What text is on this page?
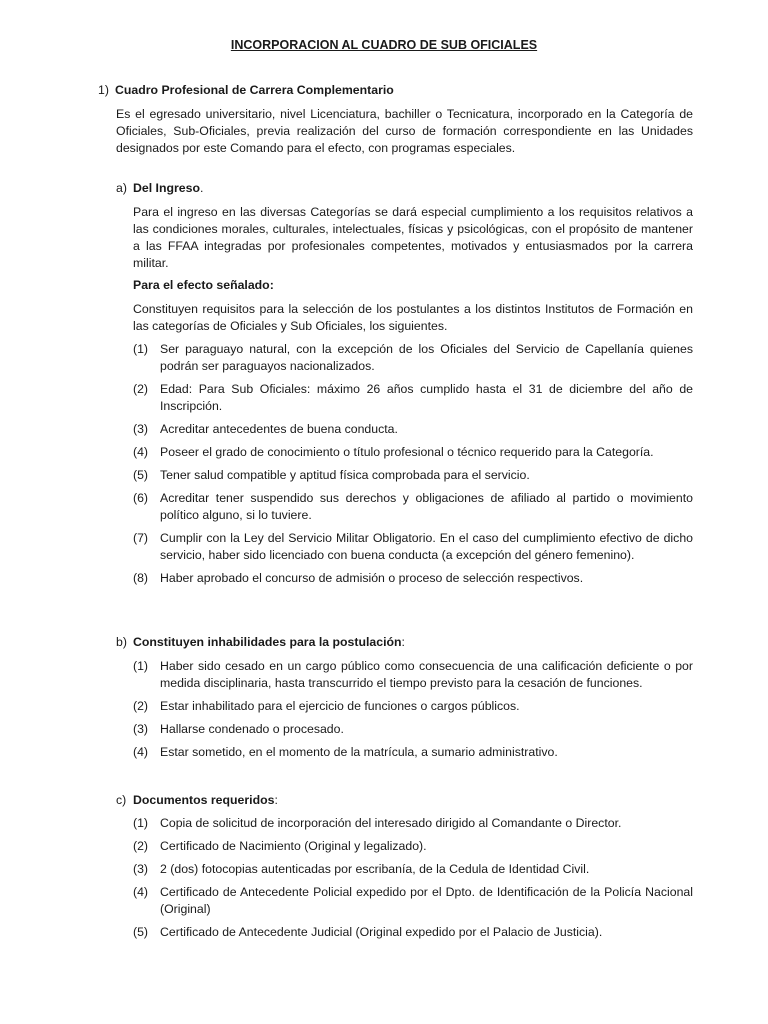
INCORPORACION AL CUADRO DE SUB OFICIALES
1) Cuadro Profesional de Carrera Complementario
Es el egresado universitario, nivel Licenciatura, bachiller o Tecnicatura, incorporado en la Categoría de Oficiales, Sub-Oficiales, previa realización del curso de formación correspondiente en las Unidades designados por este Comando para el efecto, con programas especiales.
a) Del Ingreso.
Para el ingreso en las diversas Categorías se dará especial cumplimiento a los requisitos relativos a las condiciones morales, culturales, intelectuales, físicas y psicológicas, con el propósito de mantener a las FFAA integradas por profesionales competentes, motivados y entusiasmados por la carrera militar.
Para el efecto señalado:
Constituyen requisitos para la selección de los postulantes a los distintos Institutos de Formación en las categorías de Oficiales y Sub Oficiales, los siguientes.
(1) Ser paraguayo natural, con la excepción de los Oficiales del Servicio de Capellanía quienes podrán ser paraguayos nacionalizados.
(2) Edad: Para Sub Oficiales: máximo 26 años cumplido hasta el 31 de diciembre del año de Inscripción.
(3) Acreditar antecedentes de buena conducta.
(4) Poseer el grado de conocimiento o título profesional o técnico requerido para la Categoría.
(5) Tener salud compatible y aptitud física comprobada para el servicio.
(6) Acreditar tener suspendido sus derechos y obligaciones de afiliado al partido o movimiento político alguno, si lo tuviere.
(7) Cumplir con la Ley del Servicio Militar Obligatorio. En el caso del cumplimiento efectivo de dicho servicio, haber sido licenciado con buena conducta (a excepción del género femenino).
(8) Haber aprobado el concurso de admisión o proceso de selección respectivos.
b) Constituyen inhabilidades para la postulación:
(1) Haber sido cesado en un cargo público como consecuencia de una calificación deficiente o por medida disciplinaria, hasta transcurrido el tiempo previsto para la cesación de funciones.
(2) Estar inhabilitado para el ejercicio de funciones o cargos públicos.
(3) Hallarse condenado o procesado.
(4) Estar sometido, en el momento de la matrícula, a sumario administrativo.
c) Documentos requeridos:
(1) Copia de solicitud de incorporación del interesado dirigido al Comandante o Director.
(2) Certificado de Nacimiento (Original y legalizado).
(3) 2 (dos) fotocopias autenticadas por escribanía, de la Cedula de Identidad Civil.
(4) Certificado de Antecedente Policial expedido por el Dpto. de Identificación de la Policía Nacional (Original)
(5) Certificado de Antecedente Judicial (Original expedido por el Palacio de Justicia).
